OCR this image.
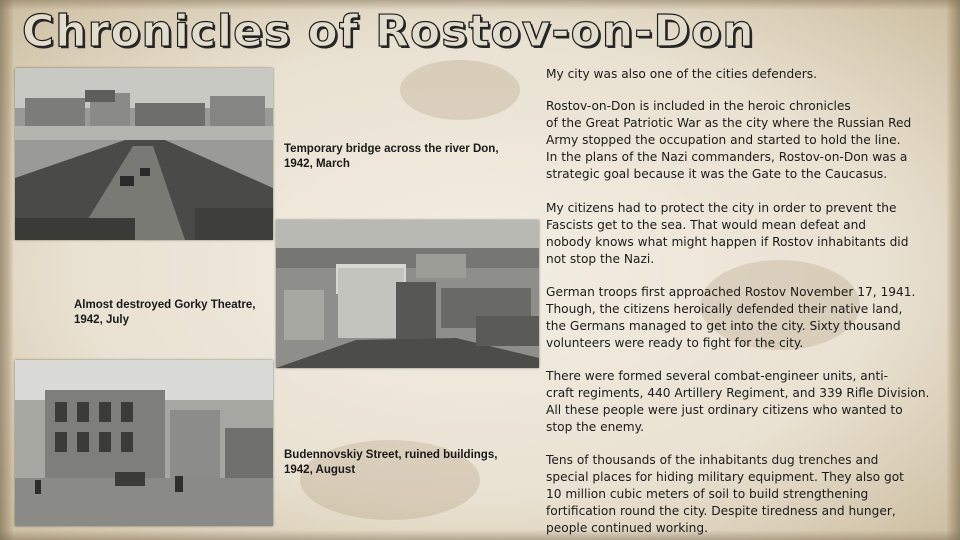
Chronicles of Rostov-on-Don

Temporary bridge across the river Don,
1942, March

Almost destroyed Gorky Theatre,
1942, July

Budennovskiy Street, ruined buildings,
1942, August

My city was also one of the cities defenders.

Rostov-on-Don is included in the heroic chronicles
of the Great Patriotic War as the city where the Russian Red
Army stopped the occupation and started to hold the line.
In the plans of the Nazi commanders, Rostov-on-Don was a
strategic goal because it was the Gate to the Caucasus.

My citizens had to protect the city in order to prevent the
Fascists get to the sea. That would mean defeat and
nobody knows what might happen if Rostov inhabitants did
not stop the Nazi.

German troops first approached Rostov November 17, 1941.
Though, the citizens heroically defended their native land,
the Germans managed to get into the city. Sixty thousand
volunteers were ready to fight for the city.

There were formed several combat-engineer units, anti-
craft regiments, 440 Artillery Regiment, and 339 Rifle Division.
All these people were just ordinary citizens who wanted to
stop the enemy.

Tens of thousands of the inhabitants dug trenches and
special places for hiding military equipment. They also got
10 million cubic meters of soil to build strengthening
fortification round the city. Despite tiredness and hunger,
people continued working.
